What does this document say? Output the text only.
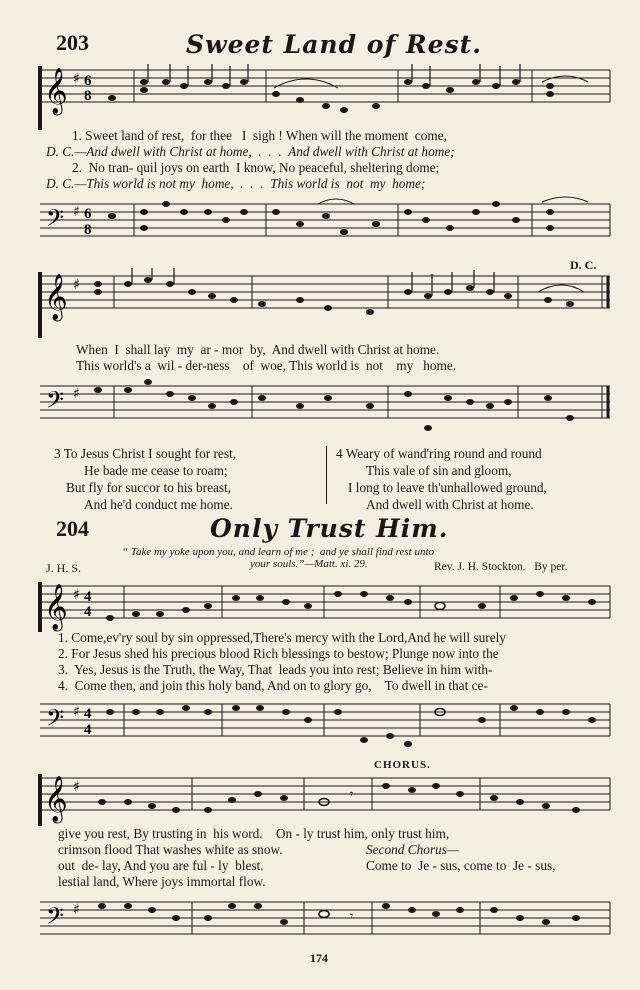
203	Sweet Land of Rest.
𝄞 ♯ 6
8
1. Sweet land of rest,  for thee   I  sigh ! When will the moment  come,
D. C.—And dwell with Christ at home,  .  .  .  And dwell with Christ at home;
2.  No tran- quil joys on earth  I know, No peaceful, sheltering dome;
D. C.—This world is not my  home,  .  .  .  This world is  not  my  home;
𝄢 ♯ 6
8
D. C.
𝄞 ♯
When  I  shall lay  my  ar - mor  by,  And dwell with Christ at home.
This world's a  wil - der-ness    of  woe, This world is  not    my   home.
𝄢 ♯
3 To Jesus Christ I sought for rest,
He bade me cease to roam;
But fly for succor to his breast,
And he'd conduct me home.
4 Weary of wand'ring round and round
This vale of sin and gloom,
I long to leave th'unhallowed ground,
And dwell with Christ at home.
204	Only Trust Him.
“ Take my yoke upon you, and learn of me ;  and ye shall find rest unto
your souls.”—Matt. xi. 29.
J. H. S.	Rev. J. H. Stockton.   By per.
𝄞 ♯ 4
4
1. Come,ev'ry soul by sin oppressed,There's mercy with the Lord,And he will surely
2. For Jesus shed his precious blood Rich blessings to bestow; Plunge now into the
3.  Yes, Jesus is the Truth, the Way, That  leads you into rest; Believe in him with-
4.  Come then, and join this holy band, And on to glory go,    To dwell in that ce-
𝄢 ♯ 4
4
CHORUS.
𝄞 ♯	𝄾
give you rest, By trusting in  his word.    On - ly trust him, only trust him,
crimson flood That washes white as snow.	Second Chorus—
out  de- lay, And you are ful - ly  blest.	Come to  Je - sus, come to  Je - sus,
lestial land, Where joys immortal flow.
𝄢 ♯	𝄾
174
